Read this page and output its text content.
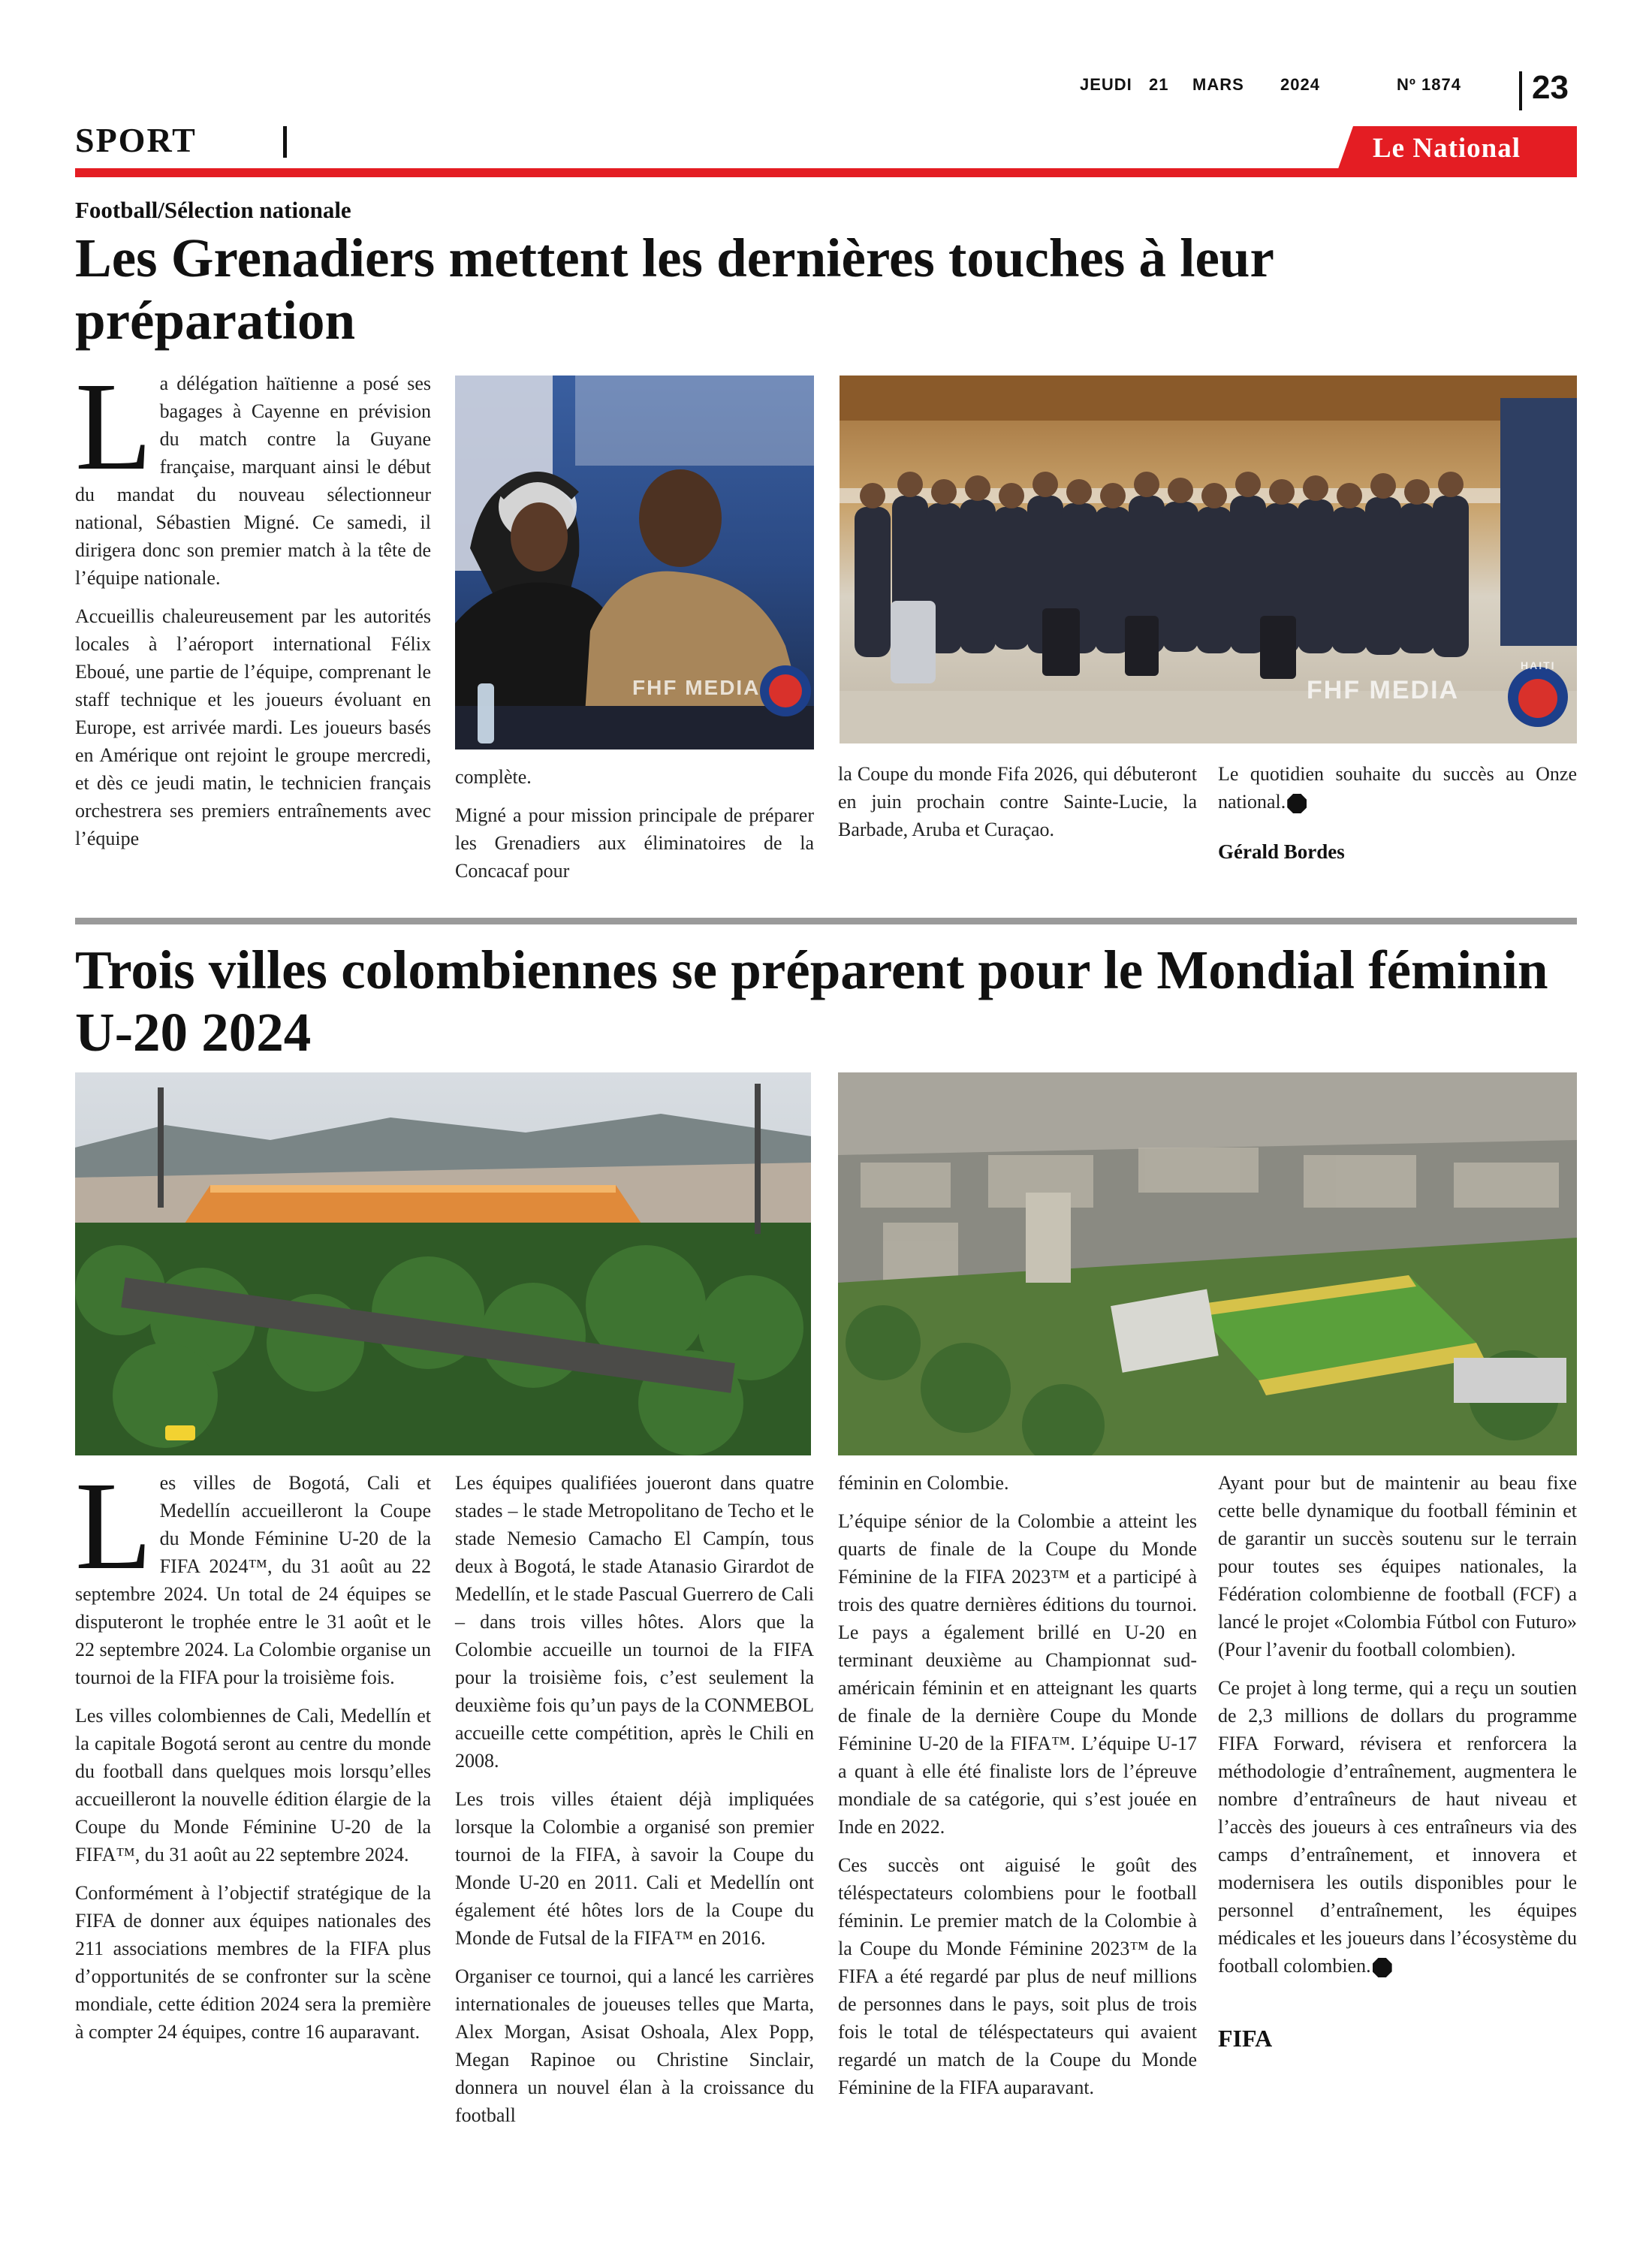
JEUDI 21 MARS 2024	Nº 1874 23
SPORT	Le National
Football/Sélection nationale
Les Grenadiers mettent les dernières touches à leur préparation
L a délégation haïtienne a posé ses bagages à Cayenne en prévision du match contre la Guyane française, marquant ainsi le début du mandat du nouveau sélectionneur national, Sébastien Migné. Ce samedi, il dirigera donc son premier match à la tête de l’équipe nationale.

Accueillis chaleureusement par les autorités locales à l’aéroport international Félix Eboué, une partie de l’équipe, comprenant le staff technique et les joueurs évoluant en Europe, est arrivée mardi. Les joueurs basés en Amérique ont rejoint le groupe mercredi, et dès ce jeudi matin, le technicien français orchestrera ses premiers entraînements avec l’équipe

FHF MEDIA	FHF MEDIA
HAITI

complète.

Migné a pour mission principale de préparer les Grenadiers aux éliminatoires de la Concacaf pour

la Coupe du monde Fifa 2026, qui débuteront en juin prochain contre Sainte-Lucie, la Barbade, Aruba et Curaçao.

Le quotidien souhaite du succès au Onze national.

Gérald Bordes

Trois villes colombiennes se préparent pour le Mondial féminin U-20 2024
L es villes de Bogotá, Cali et Medellín accueilleront la Coupe du Monde Féminine U-20 de la FIFA 2024™, du 31 août au 22 septembre 2024. Un total de 24 équipes se disputeront le trophée entre le 31 août et le 22 septembre 2024. La Colombie organise un tournoi de la FIFA pour la troisième fois.

Les villes colombiennes de Cali, Medellín et la capitale Bogotá seront au centre du monde du football dans quelques mois lorsqu’elles accueilleront la nouvelle édition élargie de la Coupe du Monde Féminine U-20 de la FIFA™, du 31 août au 22 septembre 2024.

Conformément à l’objectif stratégique de la FIFA de donner aux équipes nationales des 211 associations membres de la FIFA plus d’opportunités de se confronter sur la scène mondiale, cette édition 2024 sera la première à compter 24 équipes, contre 16 auparavant.

Les équipes qualifiées joueront dans quatre stades – le stade Metropolitano de Techo et le stade Nemesio Camacho El Campín, tous deux à Bogotá, le stade Atanasio Girardot de Medellín, et le stade Pascual Guerrero de Cali – dans trois villes hôtes. Alors que la Colombie accueille un tournoi de la FIFA pour la troisième fois, c’est seulement la deuxième fois qu’un pays de la CONMEBOL accueille cette compétition, après le Chili en 2008.

Les trois villes étaient déjà impliquées lorsque la Colombie a organisé son premier tournoi de la FIFA, à savoir la Coupe du Monde U-20 en 2011. Cali et Medellín ont également été hôtes lors de la Coupe du Monde de Futsal de la FIFA™ en 2016.

Organiser ce tournoi, qui a lancé les carrières internationales de joueuses telles que Marta, Alex Morgan, Asisat Oshoala, Alex Popp, Megan Rapinoe ou Christine Sinclair, donnera un nouvel élan à la croissance du football

féminin en Colombie.

L’équipe sénior de la Colombie a atteint les quarts de finale de la Coupe du Monde Féminine de la FIFA 2023™ et a participé à trois des quatre dernières éditions du tournoi. Le pays a également brillé en U-20 en terminant deuxième au Championnat sud-américain féminin et en atteignant les quarts de finale de la dernière Coupe du Monde Féminine U-20 de la FIFA™. L’équipe U-17 a quant à elle été finaliste lors de l’épreuve mondiale de sa catégorie, qui s’est jouée en Inde en 2022.

Ces succès ont aiguisé le goût des téléspectateurs colombiens pour le football féminin. Le premier match de la Colombie à la Coupe du Monde Féminine 2023™ de la FIFA a été regardé par plus de neuf millions de personnes dans le pays, soit plus de trois fois le total de téléspectateurs qui avaient regardé un match de la Coupe du Monde Féminine de la FIFA auparavant.

Ayant pour but de maintenir au beau fixe cette belle dynamique du football féminin et de garantir un succès soutenu sur le terrain pour toutes ses équipes nationales, la Fédération colombienne de football (FCF) a lancé le projet «Colombia Fútbol con Futuro» (Pour l’avenir du football colombien).

Ce projet à long terme, qui a reçu un soutien de 2,3 millions de dollars du programme FIFA Forward, révisera et renforcera la méthodologie d’entraînement, augmentera le nombre d’entraîneurs de haut niveau et l’accès des joueurs à ces entraîneurs via des camps d’entraînement, et innovera et modernisera les outils disponibles pour le personnel d’entraînement, les équipes médicales et les joueurs dans l’écosystème du football colombien.

FIFA
